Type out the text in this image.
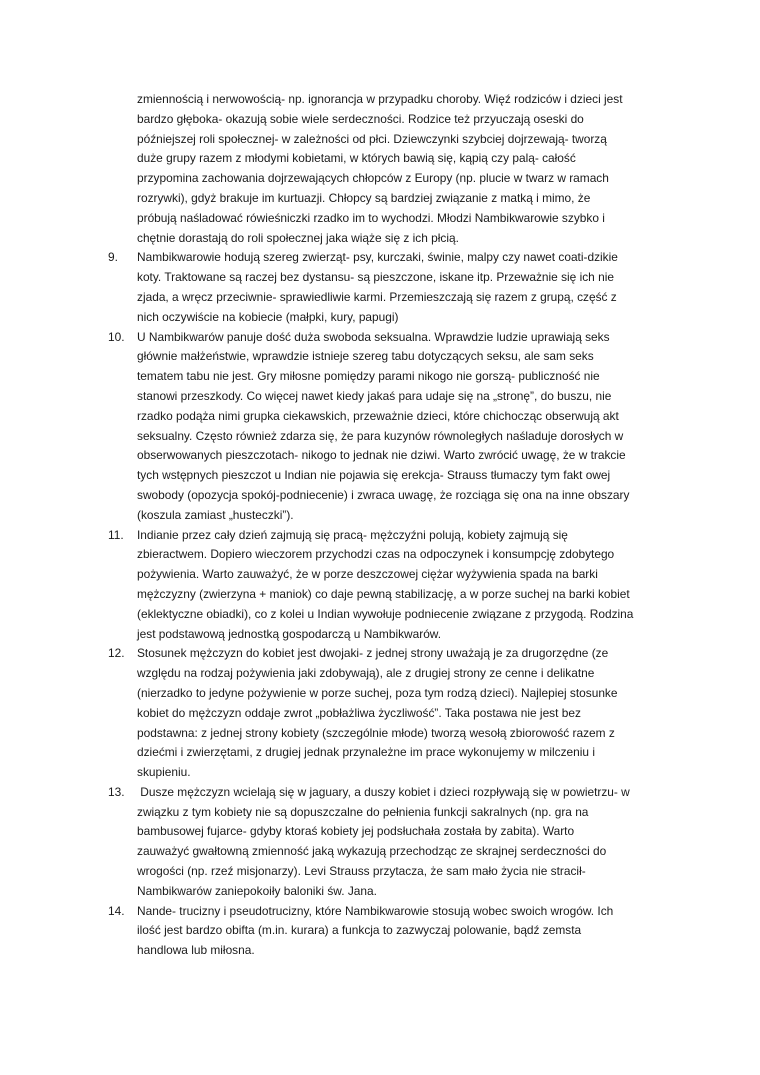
zmiennością i nerwowością- np. ignorancja w przypadku choroby. Więź rodziców i dzieci jest
bardzo głęboka- okazują sobie wiele serdeczności. Rodzice też przyuczają oseski do
późniejszej roli społecznej- w zależności od płci. Dziewczynki szybciej dojrzewają- tworzą
duże grupy razem z młodymi kobietami, w których bawią się, kąpią czy palą- całość
przypomina zachowania dojrzewających chłopców z Europy (np. plucie w twarz w ramach
rozrywki), gdyż brakuje im kurtuazji. Chłopcy są bardziej związanie z matką i mimo, że
próbują naśladować rówieśniczki rzadko im to wychodzi. Młodzi Nambikwarowie szybko i
chętnie dorastają do roli społecznej jaka wiąże się z ich płcią.
9. Nambikwarowie hodują szereg zwierząt- psy, kurczaki, świnie, malpy czy nawet coati-dzikie
koty. Traktowane są raczej bez dystansu- są pieszczone, iskane itp. Przeważnie się ich nie
zjada, a wręcz przeciwnie- sprawiedliwie karmi. Przemieszczają się razem z grupą, część z
nich oczywiście na kobiecie (małpki, kury, papugi)
10. U Nambikwarów panuje dość duża swoboda seksualna. Wprawdzie ludzie uprawiają seks
głównie małżeństwie, wprawdzie istnieje szereg tabu dotyczących seksu, ale sam seks
tematem tabu nie jest. Gry miłosne pomiędzy parami nikogo nie gorszą- publiczność nie
stanowi przeszkody. Co więcej nawet kiedy jakaś para udaje się na „stronę”, do buszu, nie
rzadko podąża nimi grupka ciekawskich, przeważnie dzieci, które chichocząc obserwują akt
seksualny. Często również zdarza się, że para kuzynów równoległych naśladuje dorosłych w
obserwowanych pieszczotach- nikogo to jednak nie dziwi. Warto zwrócić uwagę, że w trakcie
tych wstępnych pieszczot u Indian nie pojawia się erekcja- Strauss tłumaczy tym fakt owej
swobody (opozycja spokój-podniecenie) i zwraca uwagę, że rozciąga się ona na inne obszary
(koszula zamiast „husteczki”).
11. Indianie przez cały dzień zajmują się pracą- mężczyźni polują, kobiety zajmują się
zbieractwem. Dopiero wieczorem przychodzi czas na odpoczynek i konsumpcję zdobytego
pożywienia. Warto zauważyć, że w porze deszczowej ciężar wyżywienia spada na barki
mężczyzny (zwierzyna + maniok) co daje pewną stabilizację, a w porze suchej na barki kobiet
(eklektyczne obiadki), co z kolei u Indian wywołuje podniecenie związane z przygodą. Rodzina
jest podstawową jednostką gospodarczą u Nambikwarów.
12. Stosunek mężczyzn do kobiet jest dwojaki- z jednej strony uważają je za drugorzędne (ze
względu na rodzaj pożywienia jaki zdobywają), ale z drugiej strony ze cenne i delikatne
(nierzadko to jedyne pożywienie w porze suchej, poza tym rodzą dzieci). Najlepiej stosunke
kobiet do mężczyzn oddaje zwrot „pobłażliwa życzliwość”. Taka postawa nie jest bez
podstawna: z jednej strony kobiety (szczególnie młode) tworzą wesołą zbiorowość razem z
dziećmi i zwierzętami, z drugiej jednak przynależne im prace wykonujemy w milczeniu i
skupieniu.
13. Dusze mężczyzn wcielają się w jaguary, a duszy kobiet i dzieci rozpływają się w powietrzu- w
związku z tym kobiety nie są dopuszczalne do pełnienia funkcji sakralnych (np. gra na
bambusowej fujarce- gdyby ktoraś kobiety jej podsłuchała została by zabita). Warto
zauważyć gwałtowną zmienność jaką wykazują przechodząc ze skrajnej serdeczności do
wrogości (np. rzeź misjonarzy). Levi Strauss przytacza, że sam mało życia nie stracił-
Nambikwarów zaniepokoiły baloniki św. Jana.
14. Nande- trucizny i pseudotrucizny, które Nambikwarowie stosują wobec swoich wrogów. Ich
ilość jest bardzo obifta (m.in. kurara) a funkcja to zazwyczaj polowanie, bądź zemsta
handlowa lub miłosna.
